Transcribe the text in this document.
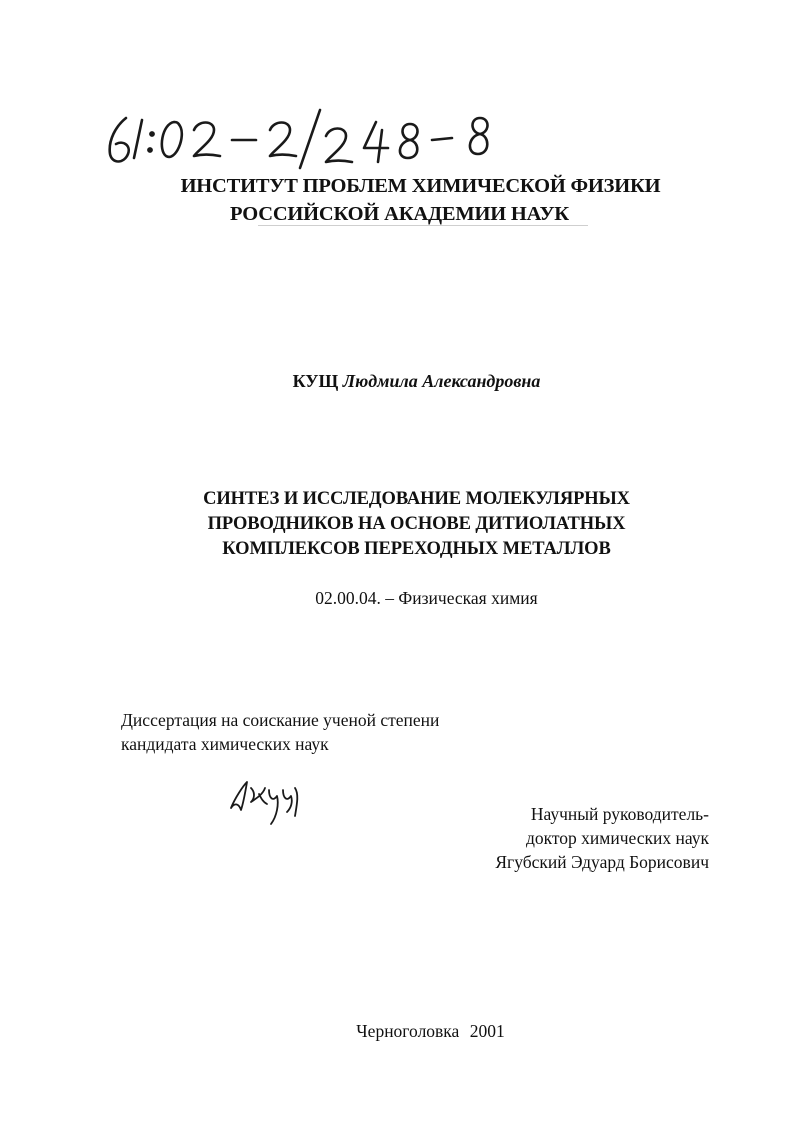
ИНСТИТУТ ПРОБЛЕМ ХИМИЧЕСКОЙ ФИЗИКИ
РОССИЙСКОЙ АКАДЕМИИ НАУК
КУЩ Людмила Александровна
СИНТЕЗ И ИССЛЕДОВАНИЕ МОЛЕКУЛЯРНЫХ
ПРОВОДНИКОВ НА ОСНОВЕ ДИТИОЛАТНЫХ
КОМПЛЕКСОВ ПЕРЕХОДНЫХ МЕТАЛЛОВ
02.00.04. – Физическая химия
Диссертация на соискание ученой степени
кандидата химических наук
Научный руководитель-
доктор химических наук
Ягубский Эдуард Борисович
Черноголовка 2001
